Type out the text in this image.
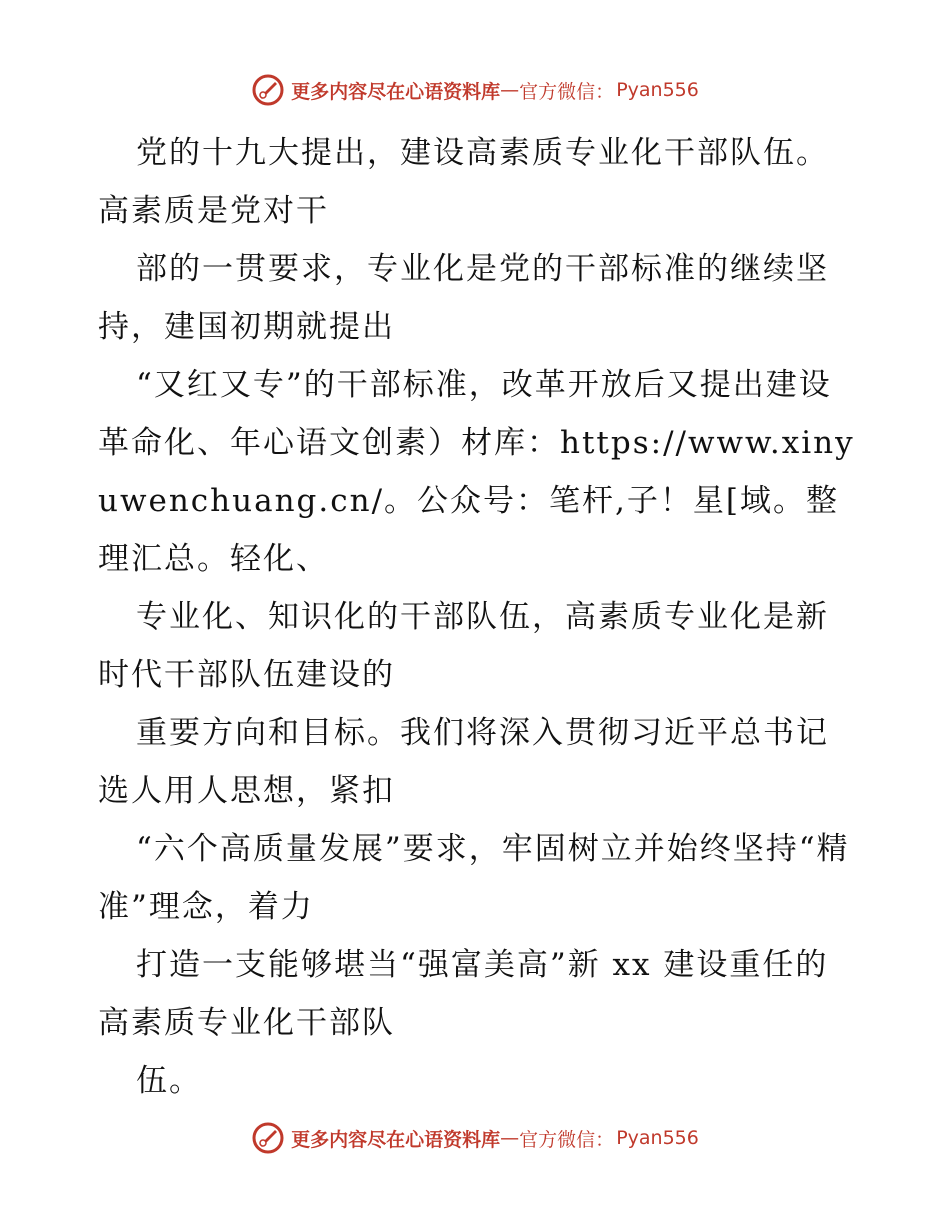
更多内容尽在心语资料库 — 官方微信： Pyan556

党的十九大提出，建设高素质专业化干部队伍。高素质是党对干

部的一贯要求，专业化是党的干部标准的继续坚持，建国初期就提出

“又红又专”的干部标准，改革开放后又提出建设革命化、年心语文创素）材库：https://www.xinyuwenchuang.cn/。公众号：笔杆,子！星[域。整理汇总。轻化、

专业化、知识化的干部队伍，高素质专业化是新时代干部队伍建设的

重要方向和目标。我们将深入贯彻习近平总书记选人用人思想，紧扣

“六个高质量发展”要求，牢固树立并始终坚持“精准”理念，着力

打造一支能够堪当“强富美高”新 xx 建设重任的高素质专业化干部队

伍。

更多内容尽在心语资料库 — 官方微信： Pyan556
